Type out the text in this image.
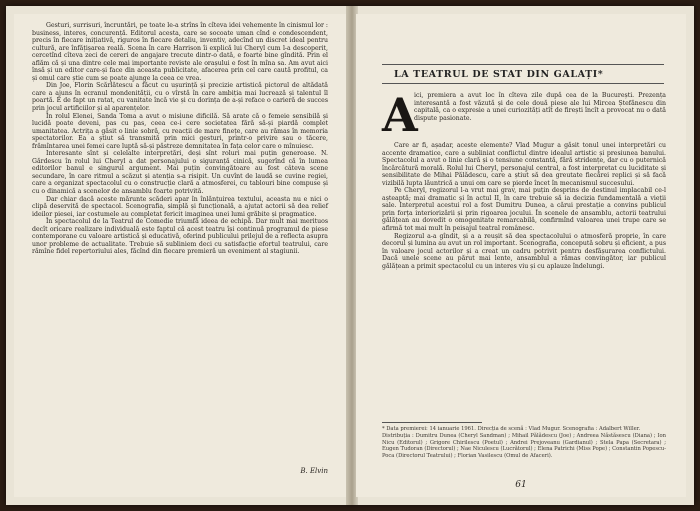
Gesturi, surrisuri, încruntări, pe toate le-a strîns în cîteva idei vehemente în cinismul lor : business, interes, concurență. Editorul acesta, care se socoate uman cînd e condescendent, precis în fiecare inițiativă, riguros în fiecare detaliu, inventiv, adecînd un discret ideal pentru cultură, are înfățișarea reală. Scena în care Harrison îi explică lui Cheryl cum l-a descoperit, cercetînd cîteva zeci de cereri de angajare trecute dintr-o dată, e foarte bine gîndită. Prin el aflăm că și una dintre cele mai importante reviste ale orașului e fost în mîna sa. Am avut aici însă și un editor care-și face din aceasta publicitate, afacerea prin cel care caută profitul, ca și omul care știe cum se poate ajunge la ceea ce vrea.

Din Joe, Florin Scărlătescu a făcut cu ușurință și precizie artistică pictorul de altădată care a ajuns în ecranul mondenității, cu o vîrstă în care ambiția mai lucrează și talentul îl poartă. E de fapt un ratat, cu vanitate încă vie și cu dorința de a-și reface o carieră de succes prin jocul artificiilor și al aparențelor.

În rolul Elenei, Sanda Toma a avut o misiune dificilă. Să arate că o femeie sensibilă și lucidă poate deveni, pas cu pas, ceea ce-i cere societatea fără să-și piardă complet umanitatea. Actrița a găsit o linie sobră, cu reacții de mare finețe, care au rămas în memoria spectatorilor. Ea a știut să transmită prin mici gesturi, printr-o privire sau o tăcere, frămîntarea unei femei care luptă să-și păstreze demnitatea în fața celor care o mînuiesc.

Interesante sînt și celelalte interpretări, deși sînt roluri mai puțin generoase. N. Gărdescu în rolul lui Cheryl a dat personajului o siguranță cinică, sugerînd că în lumea editorilor banul e singurul argument. Mai puțin convingătoare au fost câteva scene secundare, în care ritmul a scăzut și atenția s-a risipit. Un cuvînt de laudă se cuvine regiei, care a organizat spectacolul cu o construcție clară a atmosferei, cu tablouri bine compuse și cu o dinamică a scenelor de ansamblu foarte potrivită.

Dar chiar dacă aceste mărunte scăderi apar în înlănțuirea textului, aceasta nu e nici o clipă deservită de spectacol. Scenografia, simplă și funcțională, a ajutat actorii să dea relief ideilor piesei, iar costumele au completat fericit imaginea unei lumi grăbite și pragmatice.

În spectacolul de la Teatrul de Comedie triumfă ideea de echipă. Dar mult mai merituos decît oricare realizare individuală este faptul că acest teatru își continuă programul de piese contemporane cu valoare artistică și educativă, oferind publicului prilejul de a reflecta asupra unor probleme de actualitate. Trebuie să subliniem deci cu satisfacție efortul teatrului, care rămîne fidel repertoriului ales, făcînd din fiecare premieră un eveniment al stagiunii.

B. Elvin
LA TEATRUL DE STAT DIN GALAȚI*
A

ici, premiera a avut loc în cîteva zile după cea de la București. Prezența interesantă a fost văzută și de cele două piese ale lui Mircea Ștefănescu din capitală, ca o expresie a unei curiozități atît de firești încît a provocat nu o dată dispute pasionate.

Care ar fi, așadar, aceste elemente? Vlad Mugur a găsit tonul unei interpretări cu accente dramatice, care a subliniat conflictul dintre idealul artistic și presiunea banului. Spectacolul a avut o linie clară și o tensiune constantă, fără stridențe, dar cu o puternică încărcătură morală. Rolul lui Cheryl, personajul central, a fost interpretat cu luciditate și sensibilitate de Mihai Pălădescu, care a știut să dea greutate fiecărei replici și să facă vizibilă lupta lăuntrică a unui om care se pierde încet în mecanismul succesului.

Pe Cheryl, regizorul l-a vrut mai grav, mai puțin desprins de destinul implacabil ce-l așteaptă; mai dramatic și în actul II, în care trebuie să ia decizia fundamentală a vieții sale. Interpretul acestui rol a fost Dumitru Dunea, a cărui prestație a convins publicul prin forța interiorizării și prin rigoarea jocului. În scenele de ansamblu, actorii teatrului gălățean au dovedit o omogenitate remarcabilă, confirmînd valoarea unei trupe care se afirmă tot mai mult în peisajul teatral românesc.

Regizorul a-a gîndit, și a a reușit să dea spectacolului o atmosferă proprie, în care decorul și lumina au avut un rol important. Scenografia, concepută sobru și eficient, a pus în valoare jocul actorilor și a creat un cadru potrivit pentru desfășurarea conflictului. Dacă unele scene au părut mai lente, ansamblul a rămas convingător, iar publicul gălățean a primit spectacolul cu un interes viu și cu aplauze îndelungi.

* Data premierei: 14 ianuarie 1961. Direcția de scenă : Vlad Mugur. Scenografia : Adalbert Willer.

Distribuția : Dumitru Dunea (Cheryl Sandman) ; Mihail Pălădescu (Joe) ; Andreea Năstăsescu (Diana) ; Ion Nicu (Editorul) ; Grigore Chirilescu (Poetul) ; Andrei Prejoveanu (Gardianul) ; Stela Papa (Secretara) ; Eugen Tudoran (Directorul) ; Nae Niculescu (Lucrătorul) ; Elena Patrichi (Miss Pope) ; Constantin Popescu-Poca (Directorul Teatrului) ; Florian Vasilescu (Omul de Afaceri).

61
